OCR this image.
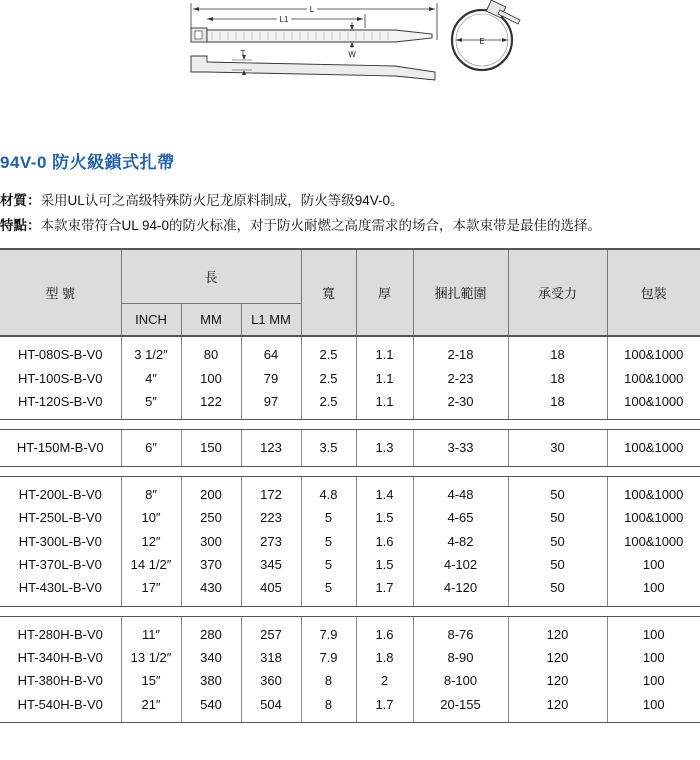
L
L1
W
T
E
94V-0 防火級鎖式扎帶
材質：采用UL认可之高级特殊防火尼龙原料制成，防火等级94V-0。
特點：本款束带符合UL 94-0的防火标准，对于防火耐燃之高度需求的场合，本款束带是最佳的选择。
型 號	長			寬	厚	捆扎範圍	承受力	包裝
	INCH	MM	L1 MM					
HT-080S-B-V0	3 1/2″	80	64	2.5	1.1	2-18	18	100&1000
HT-100S-B-V0	4″	100	79	2.5	1.1	2-23	18	100&1000
HT-120S-B-V0	5″	122	97	2.5	1.1	2-30	18	100&1000

HT-150M-B-V0	6″	150	123	3.5	1.3	3-33	30	100&1000

HT-200L-B-V0	8″	200	172	4.8	1.4	4-48	50	100&1000
HT-250L-B-V0	10″	250	223	5	1.5	4-65	50	100&1000
HT-300L-B-V0	12″	300	273	5	1.6	4-82	50	100&1000
HT-370L-B-V0	14 1/2″	370	345	5	1.5	4-102	50	100
HT-430L-B-V0	17″	430	405	5	1.7	4-120	50	100

HT-280H-B-V0	11″	280	257	7.9	1.6	8-76	120	100
HT-340H-B-V0	13 1/2″	340	318	7.9	1.8	8-90	120	100
HT-380H-B-V0	15″	380	360	8	2	8-100	120	100
HT-540H-B-V0	21″	540	504	8	1.7	20-155	120	100
